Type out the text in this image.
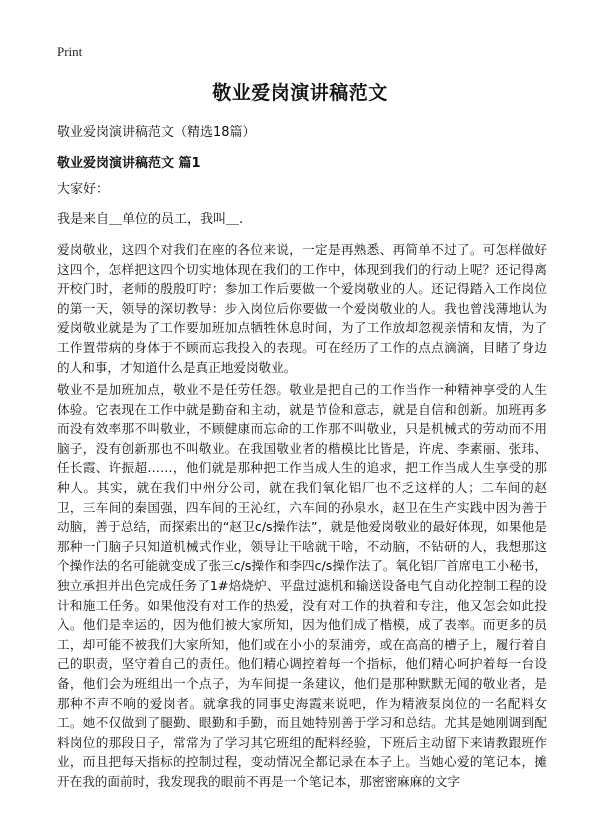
Print
敬业爱岗演讲稿范文
敬业爱岗演讲稿范文（精选18篇）
敬业爱岗演讲稿范文 篇1
大家好：
我是来自＿单位的员工，我叫＿.
爱岗敬业，这四个对我们在座的各位来说，一定是再熟悉、再简单不过了。可怎样做好这四个，怎样把这四个切实地体现在我们的工作中，体现到我们的行动上呢？还记得离开校门时，老师的殷殷叮咛：参加工作后要做一个爱岗敬业的人。还记得踏入工作岗位的第一天，领导的深切教导：步入岗位后你要做一个爱岗敬业的人。我也曾浅薄地认为爱岗敬业就是为了工作要加班加点牺牲休息时间，为了工作放却忽视亲情和友情，为了工作置带病的身体于不顾而忘我投入的表现。可在经历了工作的点点滴滴，目睹了身边的人和事，才知道什么是真正地爱岗敬业。
敬业不是加班加点，敬业不是任劳任怨。敬业是把自己的工作当作一种精神享受的人生体验。它表现在工作中就是勤奋和主动，就是节俭和意志，就是自信和创新。加班再多而没有效率那不叫敬业，不顾健康而忘命的工作那不叫敬业，只是机械式的劳动而不用脑子，没有创新那也不叫敬业。在我国敬业者的楷模比比皆是，许虎、李素丽、张玮、任长霞、许振超……，他们就是那种把工作当成人生的追求，把工作当成人生享受的那种人。其实，就在我们中州分公司，就在我们氧化铝厂也不乏这样的人；二车间的赵卫，三车间的秦国强，四车间的王沁红，六车间的孙泉水，赵卫在生产实践中因为善于动脑，善于总结，而探索出的“赵卫c/s操作法”，就是他爱岗敬业的最好体现，如果他是那种一门脑子只知道机械式作业，领导让干啥就干啥，不动脑，不钻研的人，我想那这个操作法的名可能就变成了张三c/s操作和李四c/s操作法了。氧化铝厂首席电工小秘书，独立承担并出色完成任务了1#焙烧炉、平盘过滤机和输送设备电气自动化控制工程的设计和施工任务。如果他没有对工作的热爱，没有对工作的执着和专注，他又怎会如此投入。他们是幸运的，因为他们被大家所知，因为他们成了楷模，成了表率。而更多的员工，却可能不被我们大家所知，他们或在小小的泵浦旁，或在高高的槽子上，履行着自己的职责，坚守着自己的责任。他们精心调控着每一个指标，他们精心呵护着每一台设备，他们会为班组出一个点子，为车间提一条建议，他们是那种默默无闻的敬业者，是那种不声不响的爱岗者。就拿我的同事史海霞来说吧，作为精液泵岗位的一名配料女工。她不仅做到了腿勤、眼勤和手勤，而且她特别善于学习和总结。尤其是她刚调到配料岗位的那段日子，常常为了学习其它班组的配料经验，下班后主动留下来请教跟班作业，而且把每天指标的控制过程，变动情况全都记录在本子上。当她心爱的笔记本，摊开在我的面前时，我发现我的眼前不再是一个笔记本，那密密麻麻的文字
